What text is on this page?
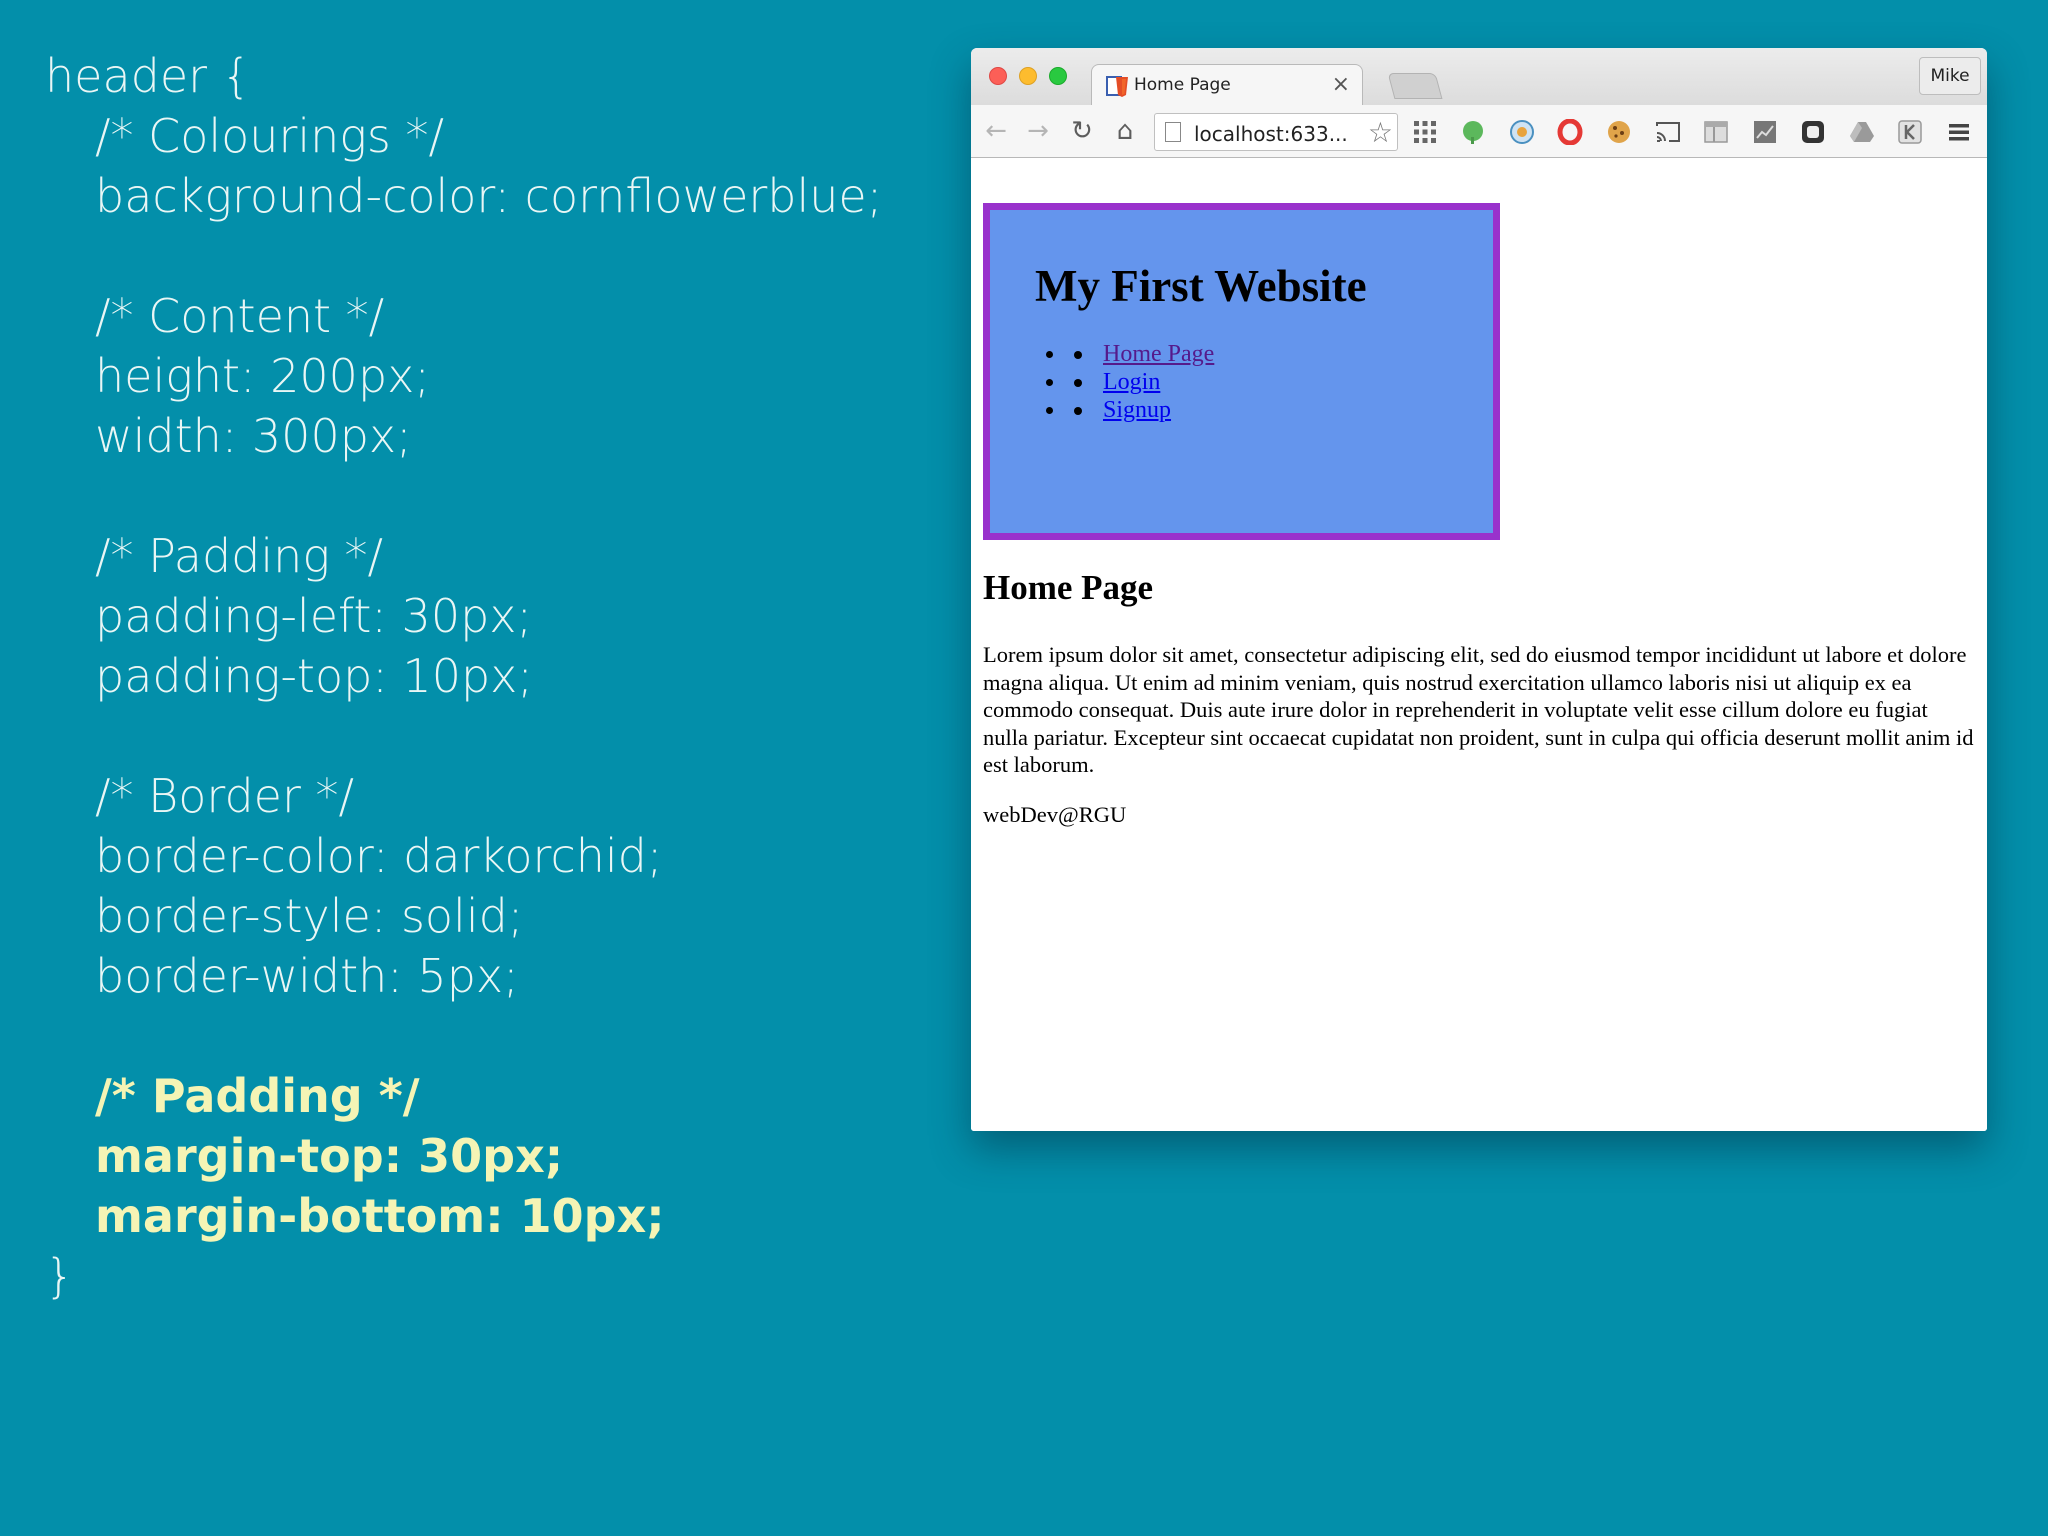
header {
/* Colourings */
background-color: cornflowerblue;
/* Content */
height: 200px;
width: 300px;
/* Padding */
padding-left: 30px;
padding-top: 10px;
/* Border */
border-color: darkorchid;
border-style: solid;
border-width: 5px;
/* Padding */
margin-top: 30px;
margin-bottom: 10px;
}
Home Page	×	Mike
← → ↻ ⌂	localhost:633... ☆
My First Website
• Home Page
• Login
• Signup
Home Page

Lorem ipsum dolor sit amet, consectetur adipiscing elit, sed do eiusmod tempor incididunt ut labore et dolore magna aliqua. Ut enim ad minim veniam, quis nostrud exercitation ullamco laboris nisi ut aliquip ex ea commodo consequat. Duis aute irure dolor in reprehenderit in voluptate velit esse cillum dolore eu fugiat nulla pariatur. Excepteur sint occaecat cupidatat non proident, sunt in culpa qui officia deserunt mollit anim id est laborum.

webDev@RGU
